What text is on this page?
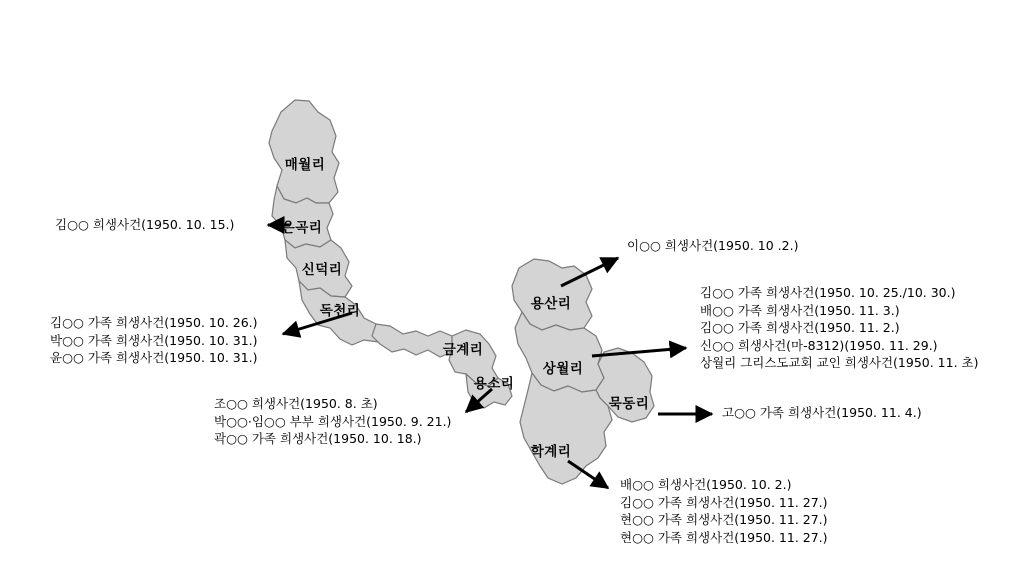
매월리
은곡리
신덕리
독천리
금계리
용소리
용산리
상월리
묵동리
학계리
김○○ 희생사건(1950. 10. 15.)
김○○ 가족 희생사건(1950. 10. 26.)
박○○ 가족 희생사건(1950. 10. 31.)
윤○○ 가족 희생사건(1950. 10. 31.)
조○○ 희생사건(1950. 8. 초)
박○○·임○○ 부부 희생사건(1950. 9. 21.)
곽○○ 가족 희생사건(1950. 10. 18.)
이○○ 희생사건(1950. 10 .2.)
김○○ 가족 희생사건(1950. 10. 25./10. 30.)
배○○ 가족 희생사건(1950. 11. 3.)
김○○ 가족 희생사건(1950. 11. 2.)
신○○ 희생사건(마-8312)(1950. 11. 29.)
상월리 그리스도교회 교인 희생사건(1950. 11. 초)
고○○ 가족 희생사건(1950. 11. 4.)
배○○ 희생사건(1950. 10. 2.)
김○○ 가족 희생사건(1950. 11. 27.)
현○○ 가족 희생사건(1950. 11. 27.)
현○○ 가족 희생사건(1950. 11. 27.)
